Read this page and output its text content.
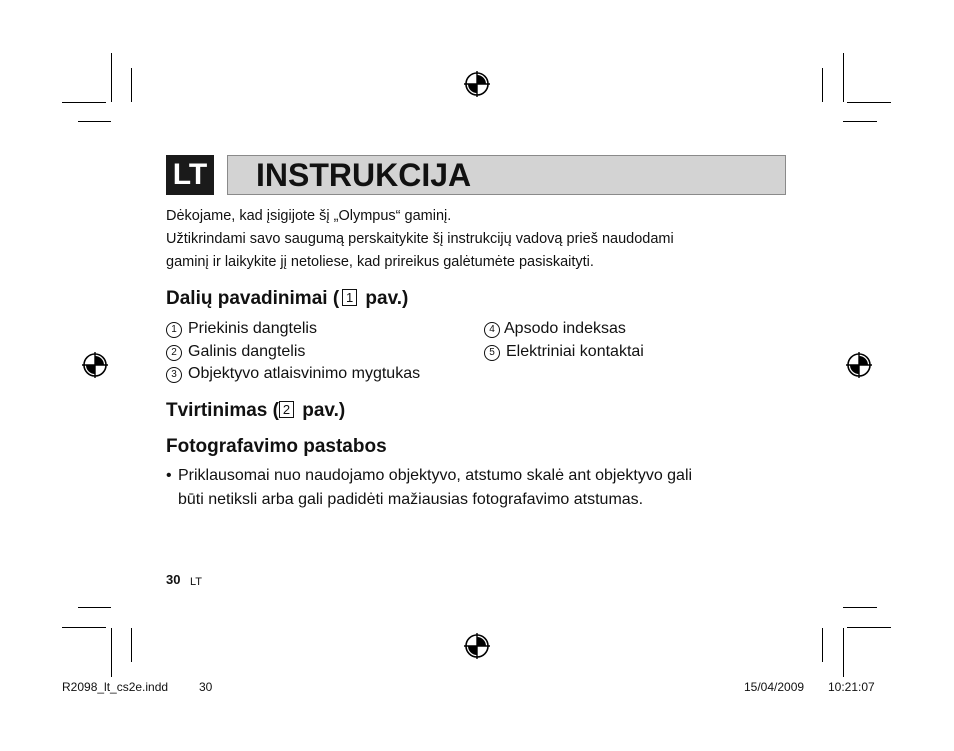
LT INSTRUKCIJA
Dėkojame, kad įsigijote šį „Olympus“ gaminį.
Užtikrindami savo saugumą perskaitykite šį instrukcijų vadovą prieš naudodami
gaminį ir laikykite jį netoliese, kad prireikus galėtumėte pasiskaityti.
Dalių pavadinimai ( 1 pav.)
1 Priekinis dangtelis
2 Galinis dangtelis
3 Objektyvo atlaisvinimo mygtukas
4 Apsodo indeksas
5 Elektriniai kontaktai
Tvirtinimas ( 2 pav.)
Fotografavimo pastabos
• Priklausomai nuo naudojamo objektyvo, atstumo skalė ant objektyvo gali
būti netiksli arba gali padidėti mažiausias fotografavimo atstumas.
30 LT
R2098_lt_cs2e.indd	30	15/04/2009 10:21:07
